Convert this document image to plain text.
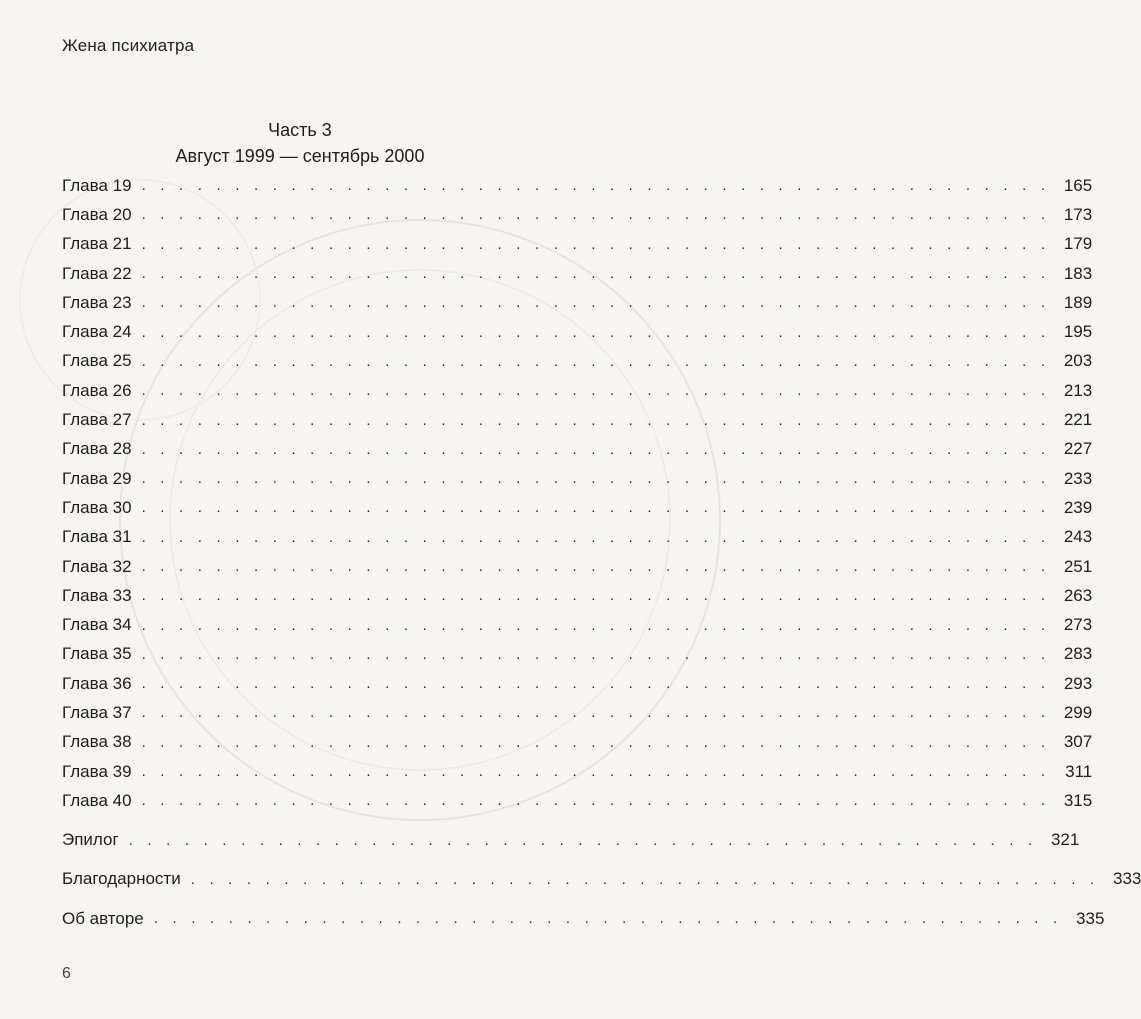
Жена психиатра
Часть 3
Август 1999 — сентябрь 2000
Глава 19 . . . . . . . . . . . . . . . . . . . . . . . . . . . . . . . . . . . . . . . . . . . . . . . . . 165
Глава 20 . . . . . . . . . . . . . . . . . . . . . . . . . . . . . . . . . . . . . . . . . . . . . . . . . 173
Глава 21 . . . . . . . . . . . . . . . . . . . . . . . . . . . . . . . . . . . . . . . . . . . . . . . . . 179
Глава 22 . . . . . . . . . . . . . . . . . . . . . . . . . . . . . . . . . . . . . . . . . . . . . . . . . 183
Глава 23 . . . . . . . . . . . . . . . . . . . . . . . . . . . . . . . . . . . . . . . . . . . . . . . . . 189
Глава 24 . . . . . . . . . . . . . . . . . . . . . . . . . . . . . . . . . . . . . . . . . . . . . . . . . 195
Глава 25 . . . . . . . . . . . . . . . . . . . . . . . . . . . . . . . . . . . . . . . . . . . . . . . . . 203
Глава 26 . . . . . . . . . . . . . . . . . . . . . . . . . . . . . . . . . . . . . . . . . . . . . . . . . 213
Глава 27 . . . . . . . . . . . . . . . . . . . . . . . . . . . . . . . . . . . . . . . . . . . . . . . . . 221
Глава 28 . . . . . . . . . . . . . . . . . . . . . . . . . . . . . . . . . . . . . . . . . . . . . . . . . 227
Глава 29 . . . . . . . . . . . . . . . . . . . . . . . . . . . . . . . . . . . . . . . . . . . . . . . . . 233
Глава 30 . . . . . . . . . . . . . . . . . . . . . . . . . . . . . . . . . . . . . . . . . . . . . . . . . 239
Глава 31 . . . . . . . . . . . . . . . . . . . . . . . . . . . . . . . . . . . . . . . . . . . . . . . . . 243
Глава 32 . . . . . . . . . . . . . . . . . . . . . . . . . . . . . . . . . . . . . . . . . . . . . . . . . 251
Глава 33 . . . . . . . . . . . . . . . . . . . . . . . . . . . . . . . . . . . . . . . . . . . . . . . . . 263
Глава 34 . . . . . . . . . . . . . . . . . . . . . . . . . . . . . . . . . . . . . . . . . . . . . . . . . 273
Глава 35 . . . . . . . . . . . . . . . . . . . . . . . . . . . . . . . . . . . . . . . . . . . . . . . . . 283
Глава 36 . . . . . . . . . . . . . . . . . . . . . . . . . . . . . . . . . . . . . . . . . . . . . . . . . 293
Глава 37 . . . . . . . . . . . . . . . . . . . . . . . . . . . . . . . . . . . . . . . . . . . . . . . . . 299
Глава 38 . . . . . . . . . . . . . . . . . . . . . . . . . . . . . . . . . . . . . . . . . . . . . . . . . 307
Глава 39 . . . . . . . . . . . . . . . . . . . . . . . . . . . . . . . . . . . . . . . . . . . . . . . . . 311
Глава 40 . . . . . . . . . . . . . . . . . . . . . . . . . . . . . . . . . . . . . . . . . . . . . . . . . 315
Эпилог . . . . . . . . . . . . . . . . . . . . . . . . . . . . . . . . . . . . . . . . . . . . . . . . . 321
Благодарности . . . . . . . . . . . . . . . . . . . . . . . . . . . . . . . . . . . . . . . . . . . . . . . . . 333
Об авторе . . . . . . . . . . . . . . . . . . . . . . . . . . . . . . . . . . . . . . . . . . . . . . . . . 335
6
